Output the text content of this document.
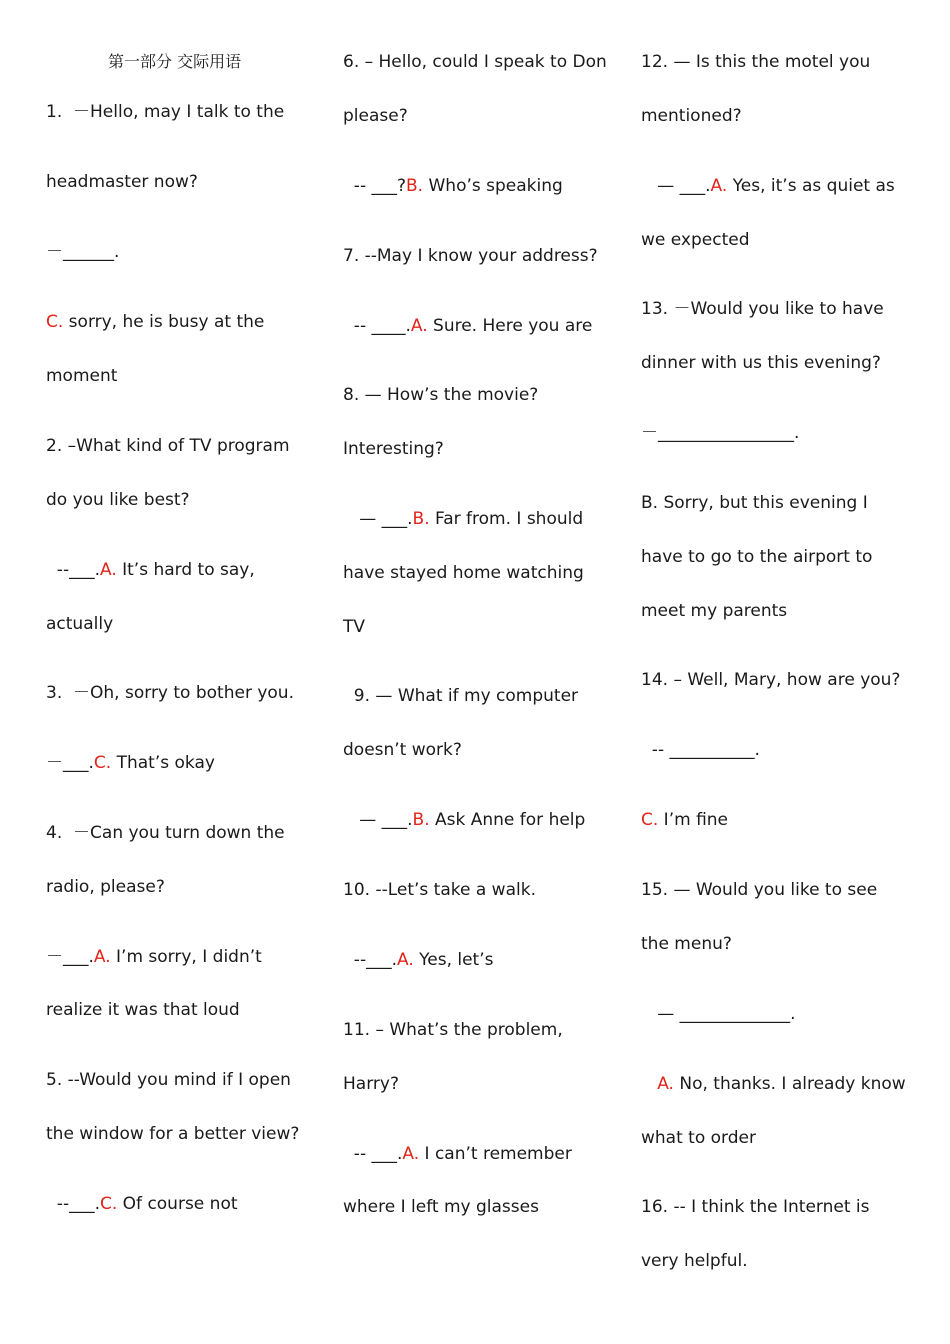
第一部分 交际用语
1.  －Hello, may I talk to the
headmaster now?
－______.
C. sorry, he is busy at the
moment
2. –What kind of TV program
do you like best?
--___.A. It’s hard to say,
actually
3.  －Oh, sorry to bother you.
－___.C. That’s okay
4.  －Can you turn down the
radio, please?
－___.A. I’m sorry, I didn’t
realize it was that loud
5. --Would you mind if I open
the window for a better view?
--___.C. Of course not
6. – Hello, could I speak to Don
please?
-- ___?B. Who’s speaking
7. --May I know your address?
-- ____.A. Sure. Here you are
8. — How’s the movie?
Interesting?
— ___.B. Far from. I should
have stayed home watching
TV
9. — What if my computer
doesn’t work?
— ___.B. Ask Anne for help
10. --Let’s take a walk.
--___.A. Yes, let’s
11. – What’s the problem,
Harry?
-- ___.A. I can’t remember
where I left my glasses
12. — Is this the motel you
mentioned?
— ___.A. Yes, it’s as quiet as
we expected
13. －Would you like to have
dinner with us this evening?
－________________.
B. Sorry, but this evening I
have to go to the airport to
meet my parents
14. – Well, Mary, how are you?
-- __________.
C. I’m fine
15. — Would you like to see
the menu?
— _____________.
A. No, thanks. I already know
what to order
16. -- I think the Internet is
very helpful.
